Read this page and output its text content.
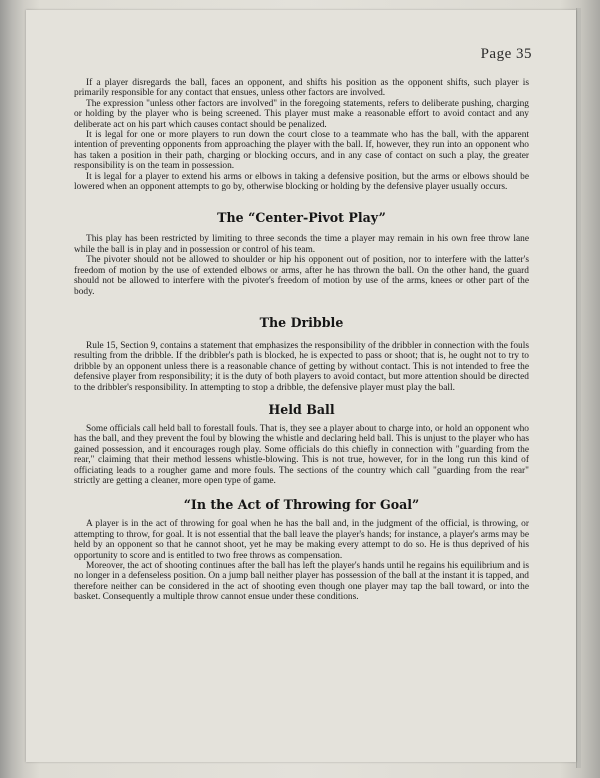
Page 35

If a player disregards the ball, faces an opponent, and shifts his position as the opponent shifts, such player is primarily responsible for any contact that ensues, unless other factors are involved.

The expression "unless other factors are involved" in the foregoing statements, refers to deliberate pushing, charging or holding by the player who is being screened. This player must make a reasonable effort to avoid contact and any deliberate act on his part which causes contact should be penalized.

It is legal for one or more players to run down the court close to a teammate who has the ball, with the apparent intention of preventing opponents from approaching the player with the ball. If, however, they run into an opponent who has taken a position in their path, charging or blocking occurs, and in any case of contact on such a play, the greater responsibility is on the team in possession.

It is legal for a player to extend his arms or elbows in taking a defensive position, but the arms or elbows should be lowered when an opponent attempts to go by, otherwise blocking or holding by the defensive player usually occurs.

The “Center-Pivot Play”

This play has been restricted by limiting to three seconds the time a player may remain in his own free throw lane while the ball is in play and in possession or control of his team.

The pivoter should not be allowed to shoulder or hip his opponent out of position, nor to interfere with the latter's freedom of motion by the use of extended elbows or arms, after he has thrown the ball. On the other hand, the guard should not be allowed to interfere with the pivoter's freedom of motion by use of the arms, knees or other part of the body.

The Dribble

Rule 15, Section 9, contains a statement that emphasizes the responsibility of the dribbler in connection with the fouls resulting from the dribble. If the dribbler's path is blocked, he is expected to pass or shoot; that is, he ought not to try to dribble by an opponent unless there is a reasonable chance of getting by without contact. This is not intended to free the defensive player from responsibility; it is the duty of both players to avoid contact, but more attention should be directed to the dribbler's responsibility. In attempting to stop a dribble, the defensive player must play the ball.

Held Ball

Some officials call held ball to forestall fouls. That is, they see a player about to charge into, or hold an opponent who has the ball, and they prevent the foul by blowing the whistle and declaring held ball. This is unjust to the player who has gained possession, and it encourages rough play. Some officials do this chiefly in connection with "guarding from the rear," claiming that their method lessens whistle-blowing. This is not true, however, for in the long run this kind of officiating leads to a rougher game and more fouls. The sections of the country which call "guarding from the rear" strictly are getting a cleaner, more open type of game.

“In the Act of Throwing for Goal”

A player is in the act of throwing for goal when he has the ball and, in the judgment of the official, is throwing, or attempting to throw, for goal. It is not essential that the ball leave the player's hands; for instance, a player's arms may be held by an opponent so that he cannot shoot, yet he may be making every attempt to do so. He is thus deprived of his opportunity to score and is entitled to two free throws as compensation.

Moreover, the act of shooting continues after the ball has left the player's hands until he regains his equilibrium and is no longer in a defenseless position. On a jump ball neither player has possession of the ball at the instant it is tapped, and therefore neither can be considered in the act of shooting even though one player may tap the ball toward, or into the basket. Consequently a multiple throw cannot ensue under these conditions.
